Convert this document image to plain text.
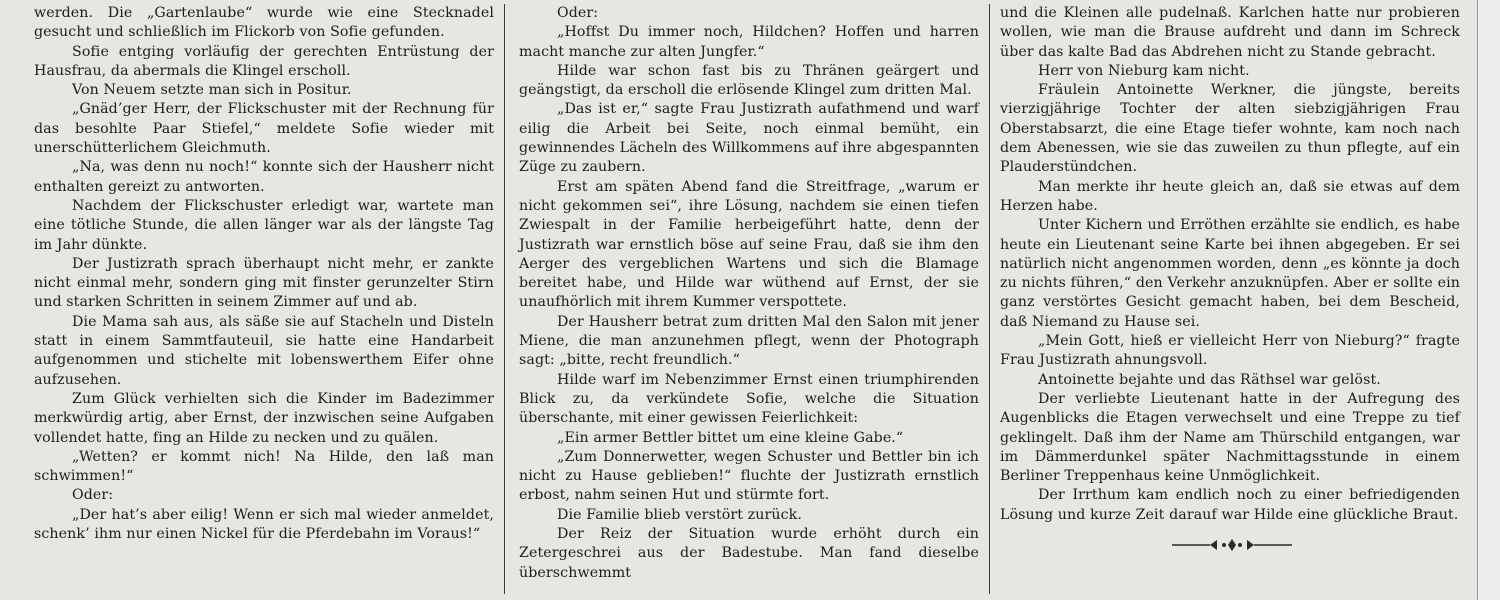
werden. Die „Gartenlaube“ wurde wie eine Stecknadel gesucht und schließlich im Flickorb von Sofie gefunden.

Sofie entging vorläufig der gerechten Entrüstung der Hausfrau, da abermals die Klingel erscholl.

Von Neuem setzte man sich in Positur.

„Gnäd’ger Herr, der Flickschuster mit der Rechnung für das besohlte Paar Stiefel,“ meldete Sofie wieder mit unerschütterlichem Gleichmuth.

„Na, was denn nu noch!“ konnte sich der Hausherr nicht enthalten gereizt zu antworten.

Nachdem der Flickschuster erledigt war, wartete man eine tötliche Stunde, die allen länger war als der längste Tag im Jahr dünkte.

Der Justizrath sprach überhaupt nicht mehr, er zankte nicht einmal mehr, sondern ging mit finster gerunzelter Stirn und starken Schritten in seinem Zimmer auf und ab.

Die Mama sah aus, als säße sie auf Stacheln und Disteln statt in einem Sammtfauteuil, sie hatte eine Handarbeit aufgenommen und stichelte mit lobenswerthem Eifer ohne aufzusehen.

Zum Glück verhielten sich die Kinder im Badezimmer merkwürdig artig, aber Ernst, der inzwischen seine Aufgaben vollendet hatte, fing an Hilde zu necken und zu quälen.

„Wetten? er kommt nich! Na Hilde, den laß man schwimmen!“

Oder:

„Der hat’s aber eilig! Wenn er sich mal wieder anmeldet, schenk’ ihm nur einen Nickel für die Pferdebahn im Voraus!“

Oder:

„Hoffst Du immer noch, Hildchen? Hoffen und harren macht manche zur alten Jungfer.“

Hilde war schon fast bis zu Thränen geärgert und geängstigt, da erscholl die erlösende Klingel zum dritten Mal.

„Das ist er,“ sagte Frau Justizrath aufathmend und warf eilig die Arbeit bei Seite, noch einmal bemüht, ein gewinnendes Lächeln des Willkommens auf ihre abgespannten Züge zu zaubern.

Erst am späten Abend fand die Streitfrage, „warum er nicht gekommen sei“, ihre Lösung, nachdem sie einen tiefen Zwiespalt in der Familie herbeigeführt hatte, denn der Justizrath war ernstlich böse auf seine Frau, daß sie ihm den Aerger des vergeblichen Wartens und sich die Blamage bereitet habe, und Hilde war wüthend auf Ernst, der sie unaufhörlich mit ihrem Kummer verspottete.

Der Hausherr betrat zum dritten Mal den Salon mit jener Miene, die man anzunehmen pflegt, wenn der Photograph sagt: „bitte, recht freundlich.“

Hilde warf im Nebenzimmer Ernst einen triumphirenden Blick zu, da verkündete Sofie, welche die Situation überschante, mit einer gewissen Feierlichkeit:

„Ein armer Bettler bittet um eine kleine Gabe.“

„Zum Donnerwetter, wegen Schuster und Bettler bin ich nicht zu Hause geblieben!“ fluchte der Justizrath ernstlich erbost, nahm seinen Hut und stürmte fort.

Die Familie blieb verstört zurück.

Der Reiz der Situation wurde erhöht durch ein Zetergeschrei aus der Badestube. Man fand dieselbe überschwemmt

und die Kleinen alle pudelnaß. Karlchen hatte nur probieren wollen, wie man die Brause aufdreht und dann im Schreck über das kalte Bad das Abdrehen nicht zu Stande gebracht.

Herr von Nieburg kam nicht.

Fräulein Antoinette Werkner, die jüngste, bereits vierzigjährige Tochter der alten siebzigjährigen Frau Oberstabsarzt, die eine Etage tiefer wohnte, kam noch nach dem Abenessen, wie sie das zuweilen zu thun pflegte, auf ein Plauderstündchen.

Man merkte ihr heute gleich an, daß sie etwas auf dem Herzen habe.

Unter Kichern und Erröthen erzählte sie endlich, es habe heute ein Lieutenant seine Karte bei ihnen abgegeben. Er sei natürlich nicht angenommen worden, denn „es könnte ja doch zu nichts führen,“ den Verkehr anzuknüpfen. Aber er sollte ein ganz verstörtes Gesicht gemacht haben, bei dem Bescheid, daß Niemand zu Hause sei.

„Mein Gott, hieß er vielleicht Herr von Nieburg?“ fragte Frau Justizrath ahnungsvoll.

Antoinette bejahte und das Räthsel war gelöst.

Der verliebte Lieutenant hatte in der Aufregung des Augenblicks die Etagen verwechselt und eine Treppe zu tief geklingelt. Daß ihm der Name am Thürschild entgangen, war im Dämmerdunkel später Nachmittagsstunde in einem Berliner Treppenhaus keine Unmöglichkeit.

Der Irrthum kam endlich noch zu einer befriedigenden Lösung und kurze Zeit darauf war Hilde eine glückliche Braut.
